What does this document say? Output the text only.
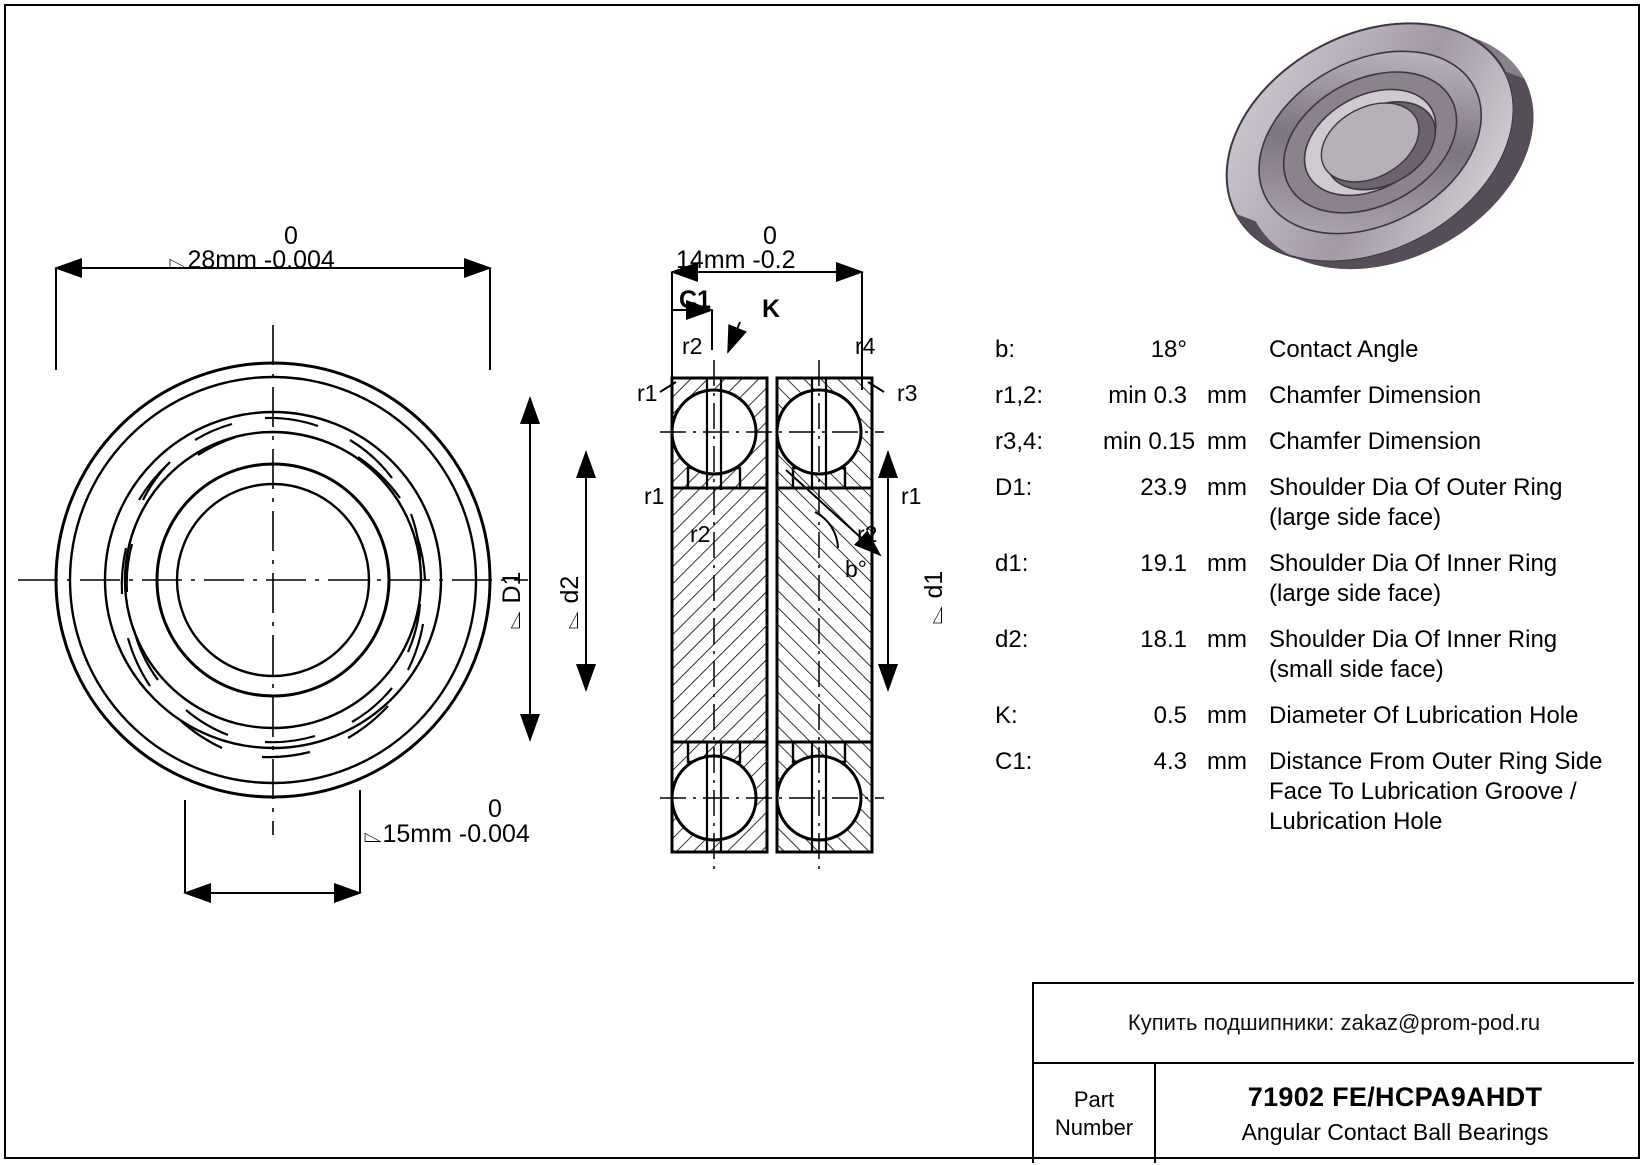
0
⌳28mm -0.004
0
⌳15mm -0.004
0
14mm -0.2
C1 K
r2	r4
r1	r3
r1	r1
r2	r2
b°
⌳ D1 ⌳ d2	⌳ d1
b:	18°	Contact Angle
r1,2:	min 0.3 mm Chamfer Dimension
r3,4:	min 0.15 mm Chamfer Dimension
D1:	23.9 mm Shoulder Dia Of Outer Ring (large side face)
d1:	19.1 mm Shoulder Dia Of Inner Ring (large side face)
d2:	18.1 mm Shoulder Dia Of Inner Ring (small side face)
K:	0.5 mm Diameter Of Lubrication Hole
C1:	4.3 mm Distance From Outer Ring Side Face To Lubrication Groove / Lubrication Hole
Купить подшипники: zakaz@prom-pod.ru
Part
Number
71902 FE/HCPA9AHDT
Angular Contact Ball Bearings
